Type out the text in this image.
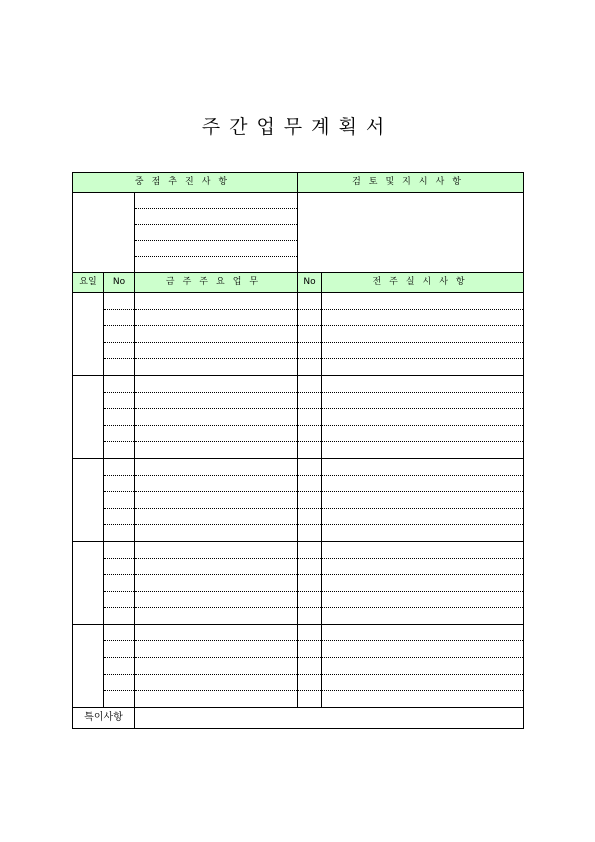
주간업무계획서
중점추진사항			검토및지시사항	

요일	No	금주주요업무	No	전주실시사항

특이사항				
